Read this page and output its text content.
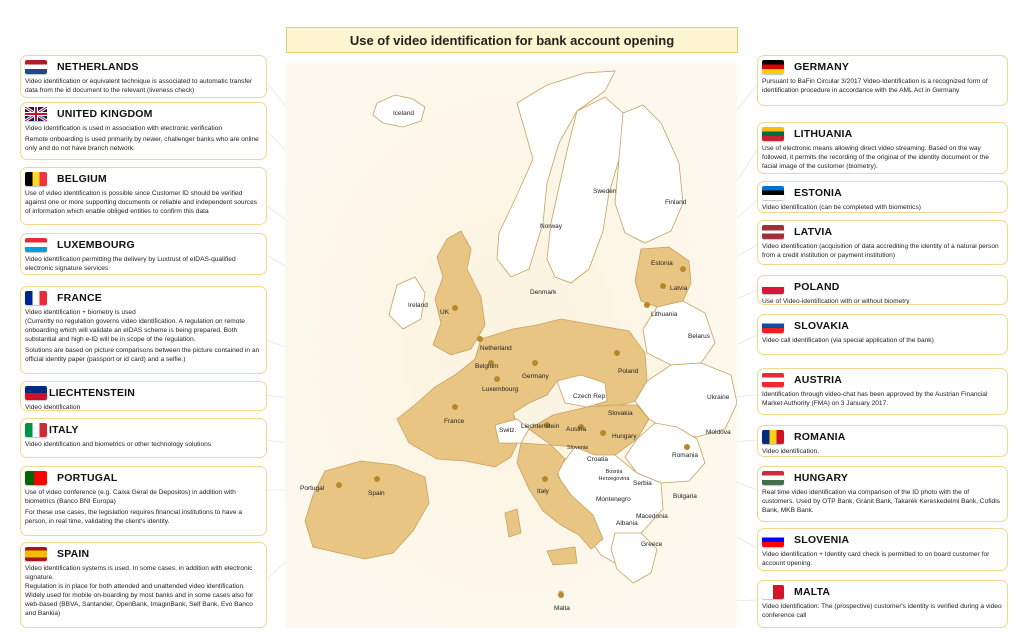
Use of video identification for bank account opening
Iceland
Norway
Sweden
Finland
Estonia
Latvia
Lithuania
Denmark
Ireland
UK
Netherland
Belgium
Luxembourg
Germany
Poland
Belarus
Ukraine
Czech Rep
Slovakia
France
Switz.
Liechtenstein Austria
Hungary
Moldova
Slovenia
Croatia
Romania
Bosnia Herzegovina
Serbia
Montenegro	Bulgaria
Macedonia
Albania
Italy
Greece
Portugal
Spain
Malta
NETHERLANDS

Video identification or equivalent technique is associated to automatic transfer data from the id document to the relevant (liveness check)

UNITED KINGDOM

Video Identification is used in association with electronic verification

Remote onboarding is used primarily by newer, challenger banks who are online only and do not have branch network.

BELGIUM

Use of video identification is possible since Customer ID should be verified against one or more supporting documents or reliable and independent sources of information which enable obliged entities to confirm this data

LUXEMBOURG

Video identification permitting the delivery by Luxtrust of eIDAS-qualified electronic signature services

FRANCE

Video identification + biometry is used

(Currently no regulation governs video identification. A regulation on remote onboarding which will validate an eIDAS scheme is being prepared. Both substantial and high e-ID will be in scope of the regulation.

Solutions are based on picture comparisons between the picture contained in an official identity paper (passport or id card) and a selfie.)

LIECHTENSTEIN

Video identification

ITALY

Video identification and biometrics or other technology solutions

PORTUGAL

Use of video conference (e.g. Caixa Geral de Depositos) in addition with biometrics (Banco BNI Europa)

For these use cases, the legislation requires financial institutions to have a person, in real time, validating the client's identity.

SPAIN

Video identification systems is used. In some cases, in addition with electronic signature.

Regulation is in place for both attended and unattended video identification.

Widely used for mobile on-boarding by most banks and in some cases also for web-based (BBVA, Santander, OpenBank, ImaginBank, Self Bank, Evo Banco and Bankia)

GERMANY

Pursuant to BaFin Circular 3/2017 Video-Identification is a recognized form of identification procedure in accordance with the AML Act in Germany

LITHUANIA

Use of electronic means allowing direct video streaming. Based on the way followed, it permits the recording of the original of the identity document or the facial image of the customer (biometry).

ESTONIA

Video identification (can be completed with biometrics)

LATVIA

Video identification (acquisition of data accrediting the identity of a natural person from a credit institution or payment institution)

POLAND

Use of Video-identification with or without biometry

SLOVAKIA

Video call identification (via special application of the bank)

AUSTRIA

Identification through video-chat has been approved by the Austrian Financial Market Authority (FMA) on 3 January 2017.

ROMANIA

Video identification.

HUNGARY

Real time video identification via comparison of the ID photo with the of customers. Used by OTP Bank, Gránit Bank, Takarék Kereskedelmi Bank, Cofidis Bank, MKB Bank.

SLOVENIA

Video identification + Identity card check is permitted to on board customer for account opening.

MALTA

Video Identification: The (prospective) customer's identity is verified during a video conference call
